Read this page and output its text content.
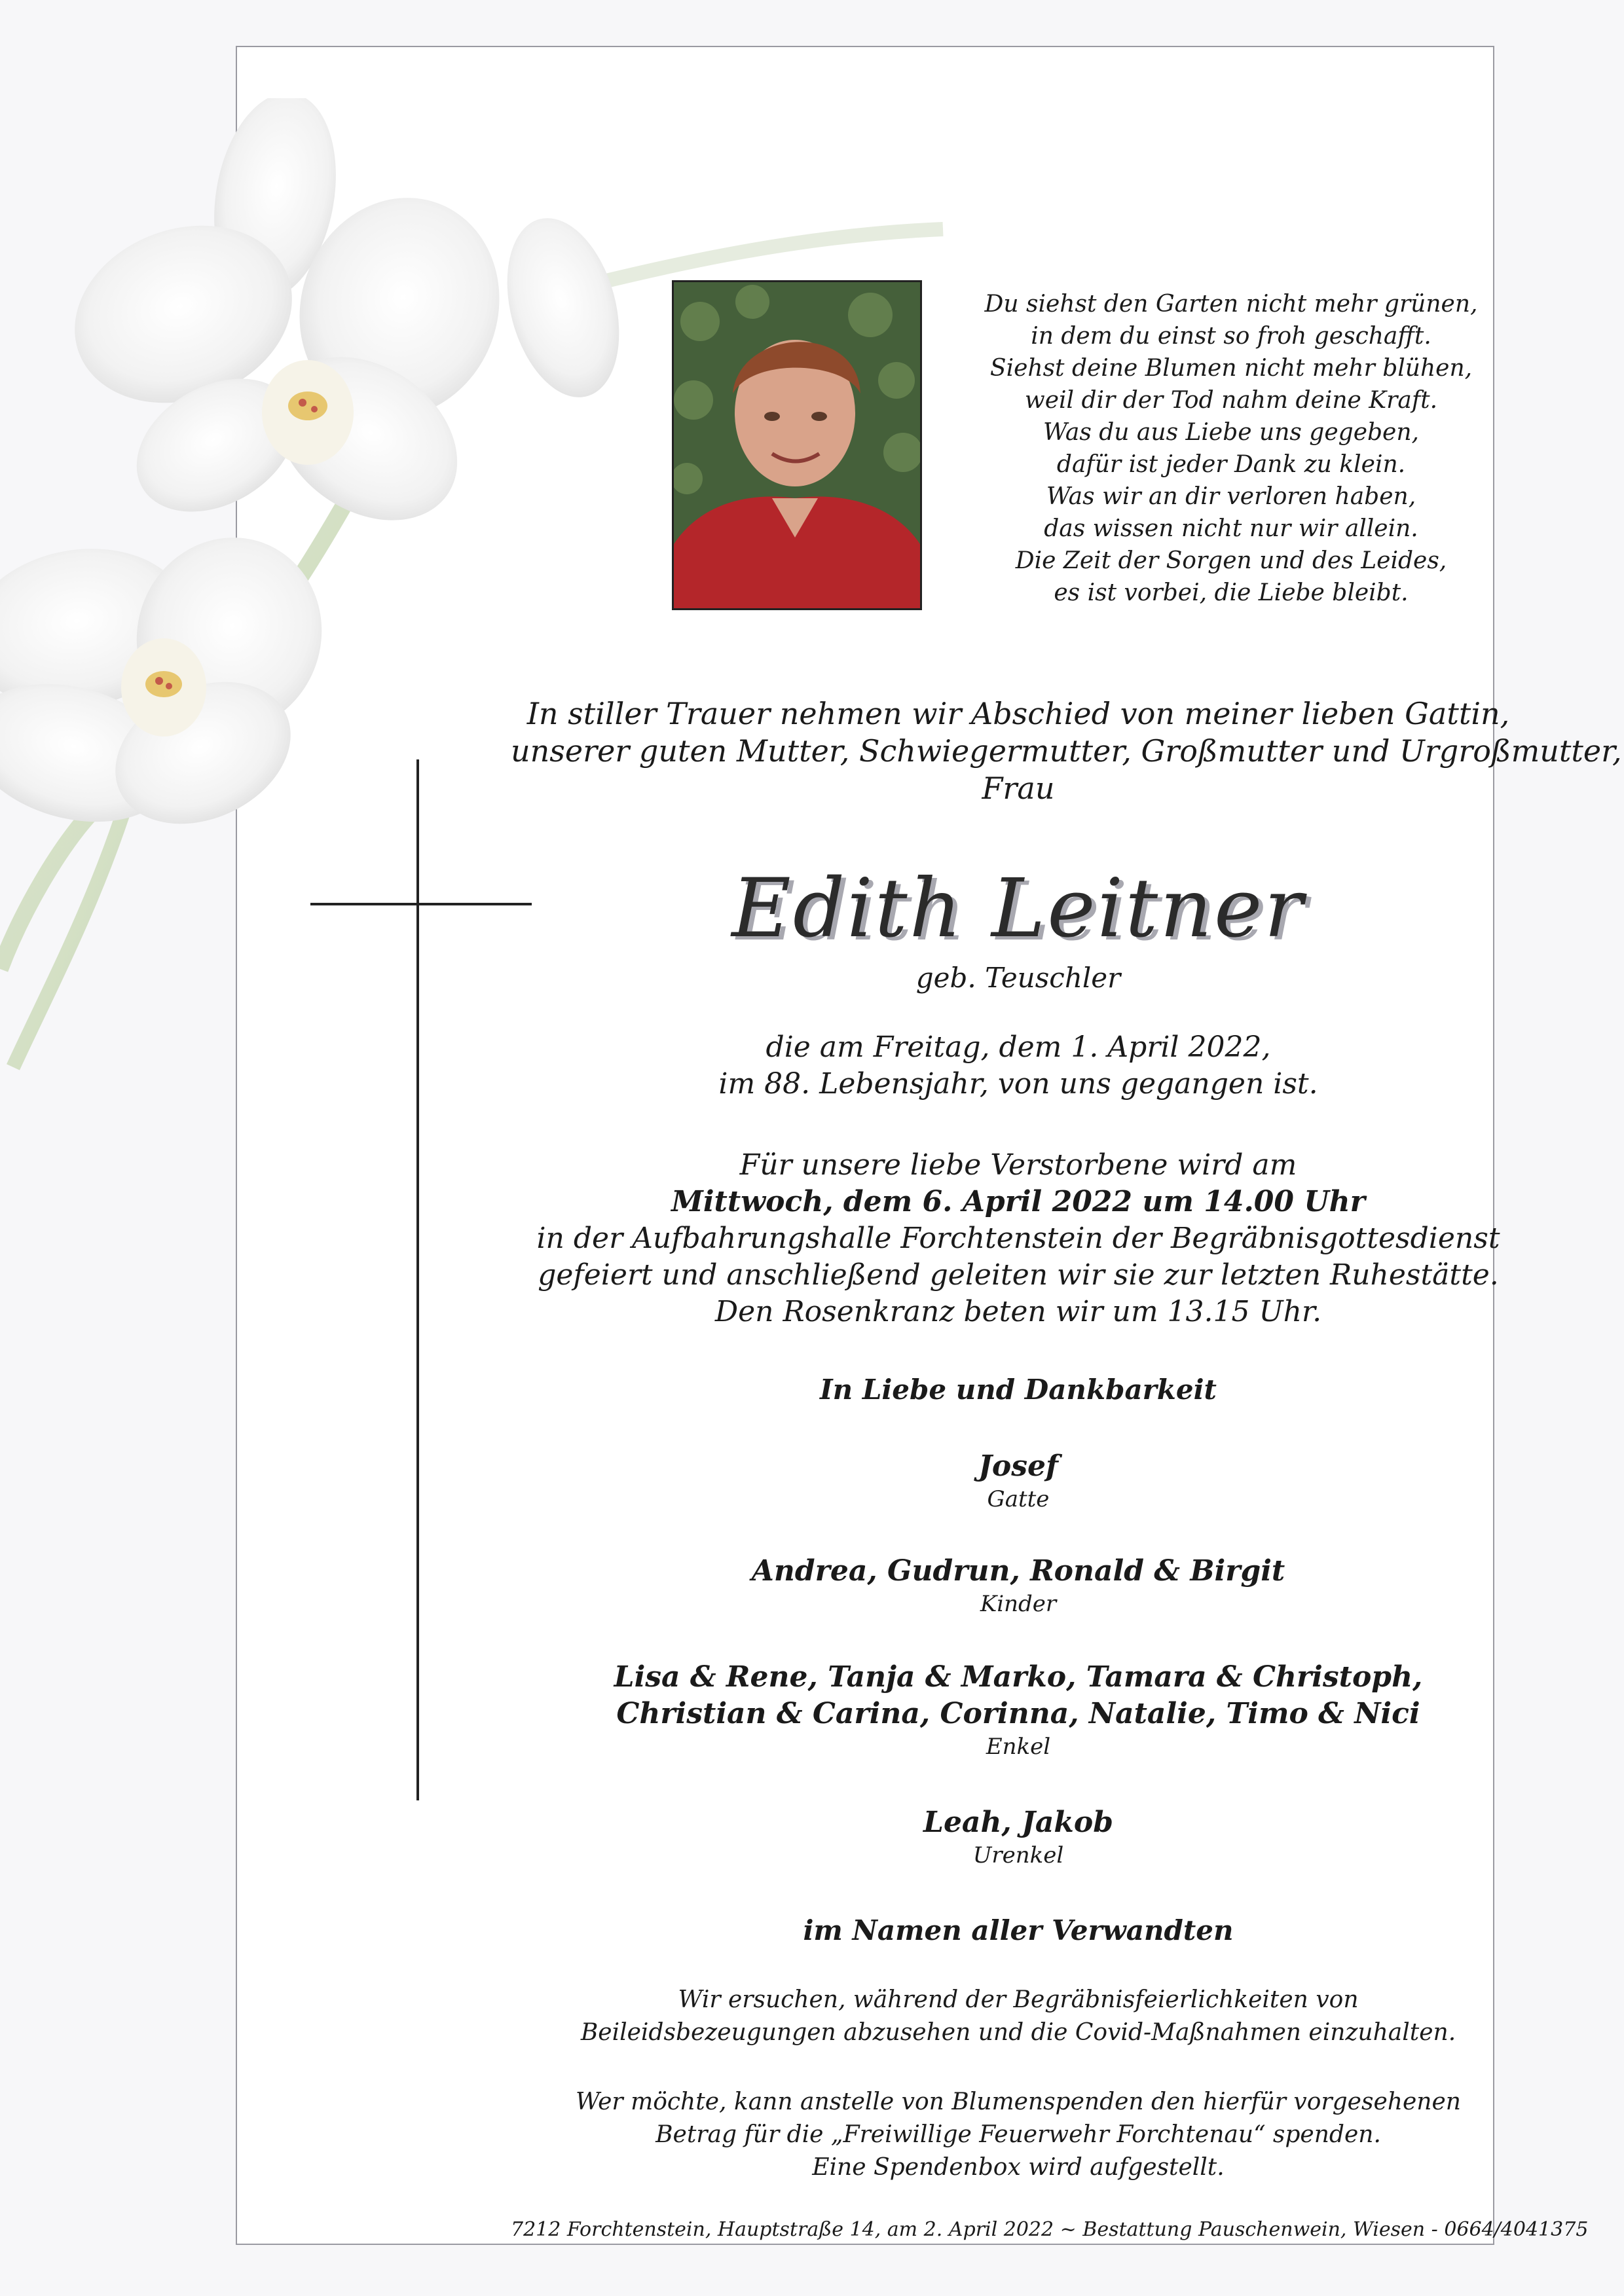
Du siehst den Garten nicht mehr grünen,
in dem du einst so froh geschafft.
Siehst deine Blumen nicht mehr blühen,
weil dir der Tod nahm deine Kraft.
Was du aus Liebe uns gegeben,
dafür ist jeder Dank zu klein.
Was wir an dir verloren haben,
das wissen nicht nur wir allein.
Die Zeit der Sorgen und des Leides,
es ist vorbei, die Liebe bleibt.
In stiller Trauer nehmen wir Abschied von meiner lieben Gattin,
unserer guten Mutter, Schwiegermutter, Großmutter und Urgroßmutter,
Frau
Edith Leitner
geb. Teuschler
die am Freitag, dem 1. April 2022,
im 88. Lebensjahr, von uns gegangen ist.
Für unsere liebe Verstorbene wird am
Mittwoch, dem 6. April 2022 um 14.00 Uhr
in der Aufbahrungshalle Forchtenstein der Begräbnisgottesdienst
gefeiert und anschließend geleiten wir sie zur letzten Ruhestätte.
Den Rosenkranz beten wir um 13.15 Uhr.
In Liebe und Dankbarkeit
Josef
Gatte
Andrea, Gudrun, Ronald & Birgit
Kinder
Lisa & Rene, Tanja & Marko, Tamara & Christoph,
Christian & Carina, Corinna, Natalie, Timo & Nici
Enkel
Leah, Jakob
Urenkel
im Namen aller Verwandten
Wir ersuchen, während der Begräbnisfeierlichkeiten von
Beileidsbezeugungen abzusehen und die Covid-Maßnahmen einzuhalten.
Wer möchte, kann anstelle von Blumenspenden den hierfür vorgesehenen
Betrag für die „Freiwillige Feuerwehr Forchtenau“ spenden.
Eine Spendenbox wird aufgestellt.
7212 Forchtenstein, Hauptstraße 14, am 2. April 2022 ~ Bestattung Pauschenwein, Wiesen - 0664/4041375
